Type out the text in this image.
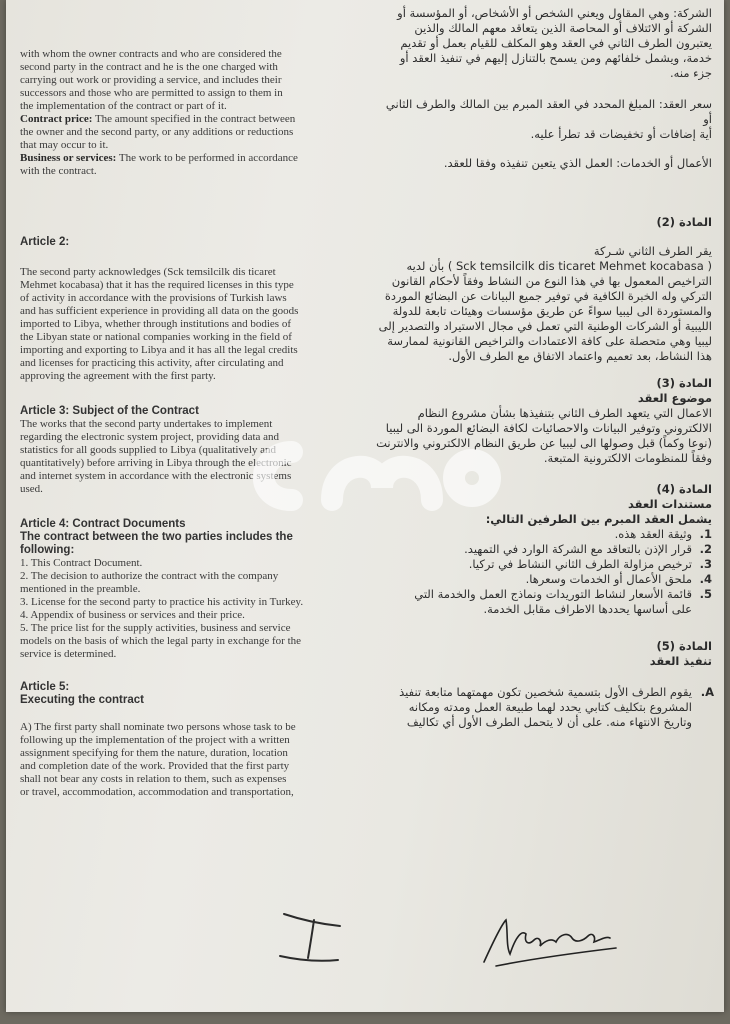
with whom the owner contracts and who are considered the

second party in the contract and he is the one charged with

carrying out work or providing a service, and includes their

successors and those who are permitted to assign to them in

the implementation of the contract or part of it.

Contract price: The amount specified in the contract between

the owner and the second party, or any additions or reductions

that may occur to it.

Business or services: The work to be performed in accordance

with the contract.

Article 2:

The second party acknowledges (Sck temsilcilk dis ticaret

Mehmet kocabasa) that it has the required licenses in this type

of activity in accordance with the provisions of Turkish laws

and has sufficient experience in providing all data on the goods

imported to Libya, whether through institutions and bodies of

the Libyan state or national companies working in the field of

importing and exporting to Libya and it has all the legal credits

and licenses for practicing this activity, after circulating and

approving the agreement with the first party.

Article 3: Subject of the Contract

The works that the second party undertakes to implement

regarding the electronic system project, providing data and

statistics for all goods supplied to Libya (qualitatively and

quantitatively) before arriving in Libya through the electronic

and internet system in accordance with the electronic systems

used.

Article 4: Contract Documents

The contract between the two parties includes the

following:

1. This Contract Document.

2. The decision to authorize the contract with the company

mentioned in the preamble.

3. License for the second party to practice his activity in Turkey.

4. Appendix of business or services and their price.

5. The price list for the supply activities, business and service

models on the basis of which the legal party in exchange for the

service is determined.

Article 5:

Executing the contract

A) The first party shall nominate two persons whose task to be

following up the implementation of the project with a written

assignment specifying for them the nature, duration, location

and completion date of the work. Provided that the first party

shall not bear any costs in relation to them, such as expenses

or travel, accommodation, accommodation and transportation,

الشركة: وهي المقاول ويعني الشخص أو الأشخاص، أو المؤسسة أو

الشركة أو الائتلاف أو المحاصة الذين يتعاقد معهم المالك والذين

يعتبرون الطرف الثاني في العقد وهو المكلف للقيام بعمل أو تقديم

خدمة، ويشمل خلفائهم ومن يسمح بالتنازل إليهم في تنفيذ العقد أو

جزء منه.

سعر العقد: المبلغ المحدد في العقد المبرم بين المالك والطرف الثاني أو

أية إضافات أو تخفيضات قد تطرأ عليه.

الأعمال أو الخدمات: العمل الذي يتعين تنفيذه وفقا للعقد.

المادة (2)

يقر الطرف الثاني شـركة

( Sck temsilcilk dis ticaret Mehmet kocabasa ) بأن لديه

التراخيص المعمول بها في هذا النوع من النشاط وفقاً لأحكام القانون

التركي وله الخبرة الكافية في توفير جميع البيانات عن البضائع الموردة

والمستوردة الى ليبيا سواءً عن طريق مؤسسات وهيئات تابعة للدولة

الليبية أو الشركات الوطنية التي تعمل في مجال الاستيراد والتصدير إلى

ليبيا وهي متحصلة على كافة الاعتمادات والتراخيص القانونية لممارسة

هذا النشاط، بعد تعميم واعتماد الاتفاق مع الطرف الأول.

المادة (3)

موضوع العقد

الاعمال التي يتعهد الطرف الثاني بتنفيذها بشأن مشروع النظام

الالكتروني وتوفير البيانات والاحصائيات لكافة البضائع الموردة الى ليبيا

(نوعا وكماً) قبل وصولها الى ليبيا عن طريق النظام الالكتروني والانترنت

وفقاً للمنظومات الالكترونية المتبعة.

المادة (4)

مستندات العقد

يشمل العقد المبرم بين الطرفين التالي:

1.
وثيقة العقد هذه.
2.
قرار الإذن بالتعاقد مع الشركة الوارد في التمهيد.
3.
ترخيص مزاولة الطرف الثاني النشاط في تركيا.
4.
ملحق الأعمال أو الخدمات وسعرها.
5.
قائمة الأسعار لنشاط التوريدات ونماذج العمل والخدمة التي

على أساسها يحددها الاطراف مقابل الخدمة.

المادة (5)

تنفيذ العقد

A.

يقوم الطرف الأول بتسمية شخصين تكون مهمتهما متابعة تنفيذ

المشروع بتكليف كتابي يحدد لهما طبيعة العمل ومدته ومكانه

وتاريخ الانتهاء منه. على أن لا يتحمل الطرف الأول أي تكاليف
